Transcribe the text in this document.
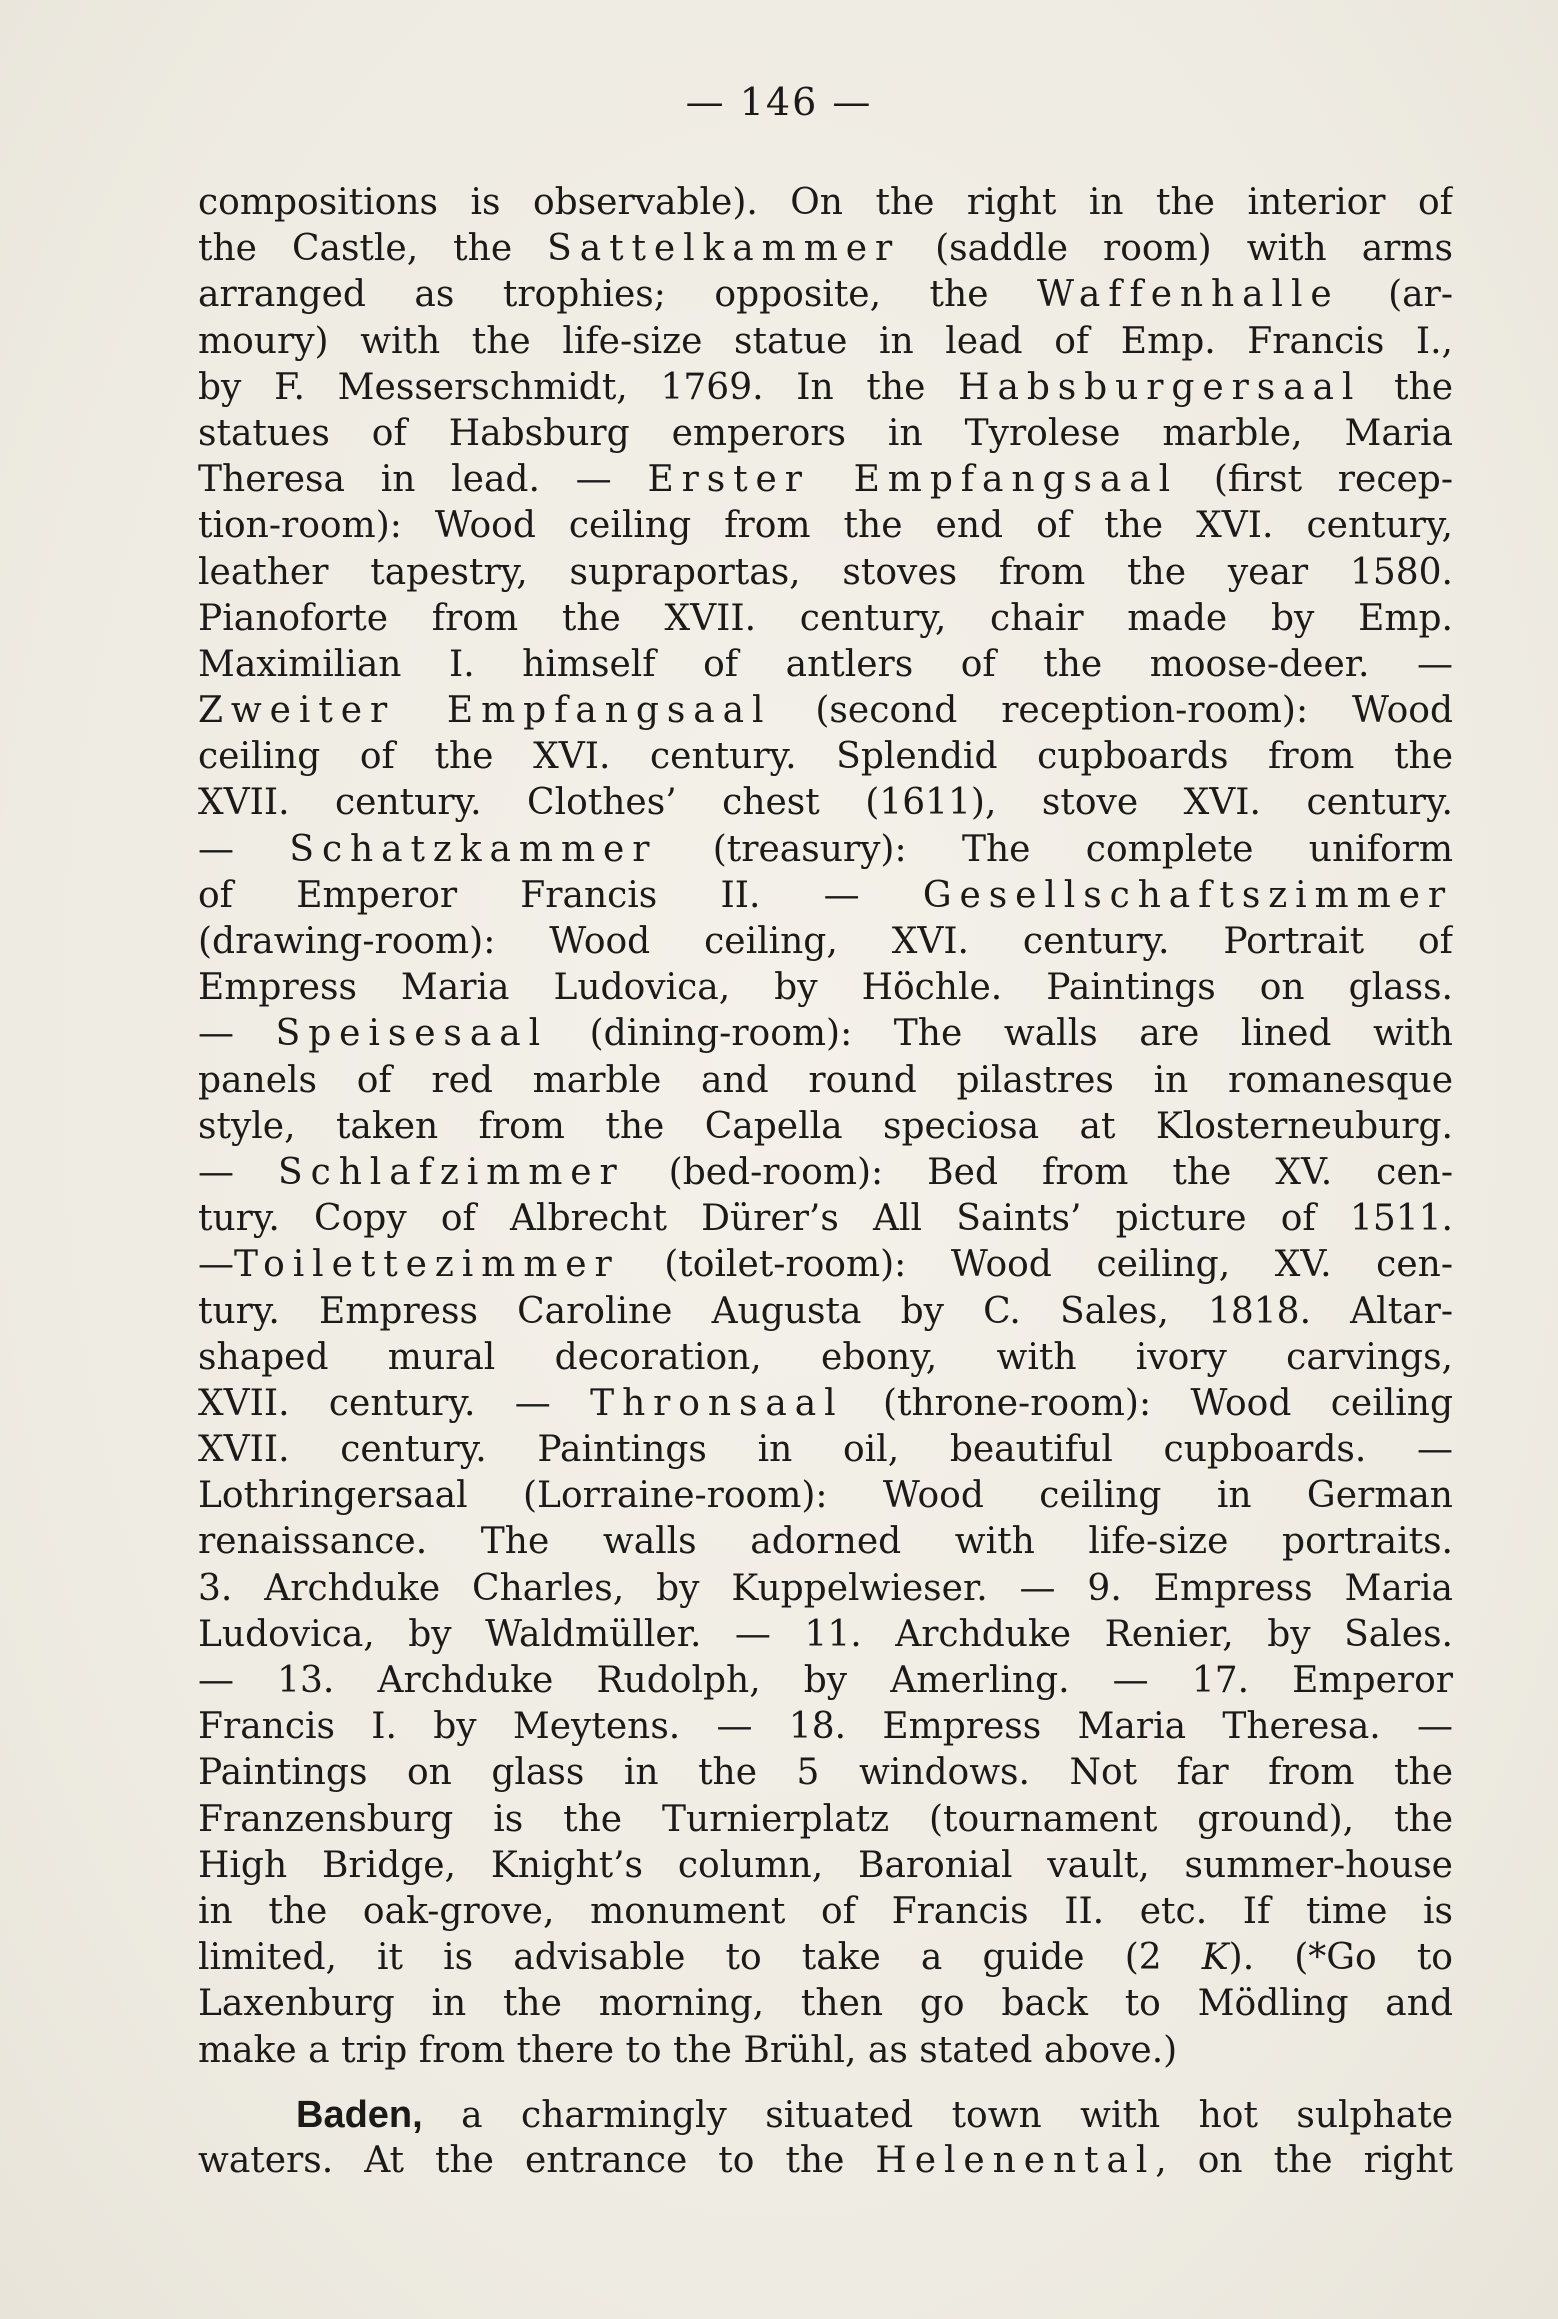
— 146 —
compositions is observable). On the right in the interior of
the Castle, the Sattelkammer (saddle room) with arms
arranged as trophies; opposite, the Waffenhalle (ar-
moury) with the life-size statue in lead of Emp. Francis I.,
by F. Messerschmidt, 1769. In the Habsburgersaal the
statues of Habsburg emperors in Tyrolese marble, Maria
Theresa in lead. — Erster Empfangsaal (first recep-
tion-room): Wood ceiling from the end of the XVI. century,
leather tapestry, supraportas, stoves from the year 1580.
Pianoforte from the XVII. century, chair made by Emp.
Maximilian I. himself of antlers of the moose-deer. —
Zweiter Empfangsaal (second reception-room): Wood
ceiling of the XVI. century. Splendid cupboards from the
XVII. century. Clothes’ chest (1611), stove XVI. century.
— Schatzkammer (treasury): The complete uniform
of Emperor Francis II. — Gesellschaftszimmer
(drawing-room): Wood ceiling, XVI. century. Portrait of
Empress Maria Ludovica, by Höchle. Paintings on glass.
— Speisesaal (dining-room): The walls are lined with
panels of red marble and round pilastres in romanesque
style, taken from the Capella speciosa at Klosterneuburg.
— Schlafzimmer (bed-room): Bed from the XV. cen-
tury. Copy of Albrecht Dürer’s All Saints’ picture of 1511.
—Toilettezimmer (toilet-room): Wood ceiling, XV. cen-
tury. Empress Caroline Augusta by C. Sales, 1818. Altar-
shaped mural decoration, ebony, with ivory carvings,
XVII. century. — Thronsaal (throne-room): Wood ceiling
XVII. century. Paintings in oil, beautiful cupboards. —
Lothringersaal (Lorraine-room): Wood ceiling in German
renaissance. The walls adorned with life-size portraits.
3. Archduke Charles, by Kuppelwieser. — 9. Empress Maria
Ludovica, by Waldmüller. — 11. Archduke Renier, by Sales.
— 13. Archduke Rudolph, by Amerling. — 17. Emperor
Francis I. by Meytens. — 18. Empress Maria Theresa. —
Paintings on glass in the 5 windows. Not far from the
Franzensburg is the Turnierplatz (tournament ground), the
High Bridge, Knight’s column, Baronial vault, summer-house
in the oak-grove, monument of Francis II. etc. If time is
limited, it is advisable to take a guide (2 K). (*Go to
Laxenburg in the morning, then go back to Mödling and
make a trip from there to the Brühl, as stated above.)
Baden, a charmingly situated town with hot sulphate
waters. At the entrance to the Helenental, on the right
